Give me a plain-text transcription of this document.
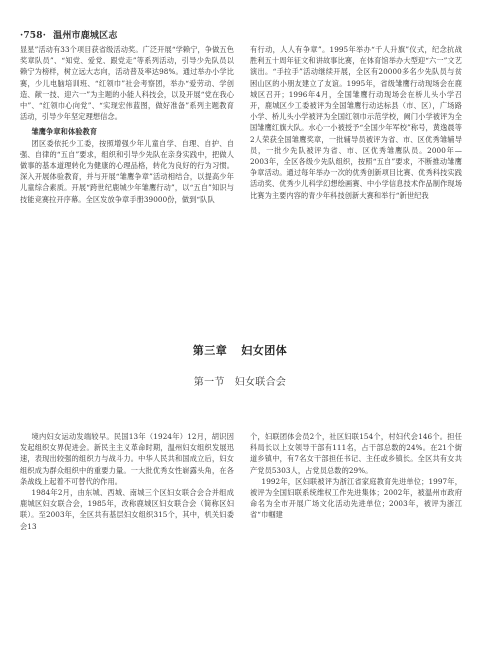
·758· 温州市鹿城区志

显星”活动有33个项目获省级活动奖。广泛开展“学赖宁，争做五色奖章队员”、“知党、爱党、跟党走”等系列活动，引导少先队员以赖宁为榜样，树立远大志向，活动普及率达98%。通过举办小学比赛，少儿电脑培训班、“红领巾”社会考察团，举办“爱劳动、学创造、献一技、迎六一”为主题的小能人科技会，以及开展“党在我心中”、“红领巾心向党”、“实现宏伟蓝图，做好准备”系列主题教育活动，引导少年坚定理想信念。

雏鹰争章和体验教育

团区委依托少工委，按照增强少年儿童自学、自理、自护、自强、自律的“五自”要求，组织和引导少先队在亲身实践中，把做人做事的基本道理转化为健康的心理品格，转化为良好的行为习惯。深入开展体验教育，并与开展“雏鹰争章”活动相结合，以提高少年儿童综合素质。开展“跨世纪鹿城少年雏鹰行动”，以“五自”知识与技能竞赛拉开序幕。全区发放争章手册39000份，做到“队队

有行动，人人有争章”。1995年举办“千人升旗”仪式，纪念抗战胜利五十周年征文和讲故事比赛，在体育馆举办大型迎“六一”文艺演出。“手拉手”活动继续开展，全区有20000多名少先队员与贫困山区的小朋友建立了友谊。1995年，省级雏鹰行动现场会在鹿城区召开；1996年4月，全国雏鹰行动现场会在桥儿头小学召开，鹿城区少工委被评为全国雏鹰行动达标县（市、区），广场路小学、桥儿头小学被评为全国红领巾示范学校，阙门小学被评为全国雏鹰红旗大队。水心一小被授予“全国少年军校”称号，黄逸晨等2人荣获全国雏鹰奖章，一批辅导员被评为省、市、区优秀雏辅导员，一批少先队被评为省、市、区优秀雏鹰队员。2000年—2003年，全区各级少先队组织，按照“五自”要求，不断推动雏鹰争章活动。通过每年举办一次的优秀创新项目比赛、优秀科技实践活动奖、优秀少儿科学幻想绘画赛、中小学信息技术作品制作现场比赛为主要内容的青少年科技创新大赛和举行“新世纪我

第三章 妇女团体
第一节 妇女联合会

境内妇女运动发端较早。民国13年（1924年）12月，胡识因发起组织女界促进会。新民主主义革命时期，温州妇女组织发展迅速，表现出较强的组织力与战斗力。中华人民共和国成立后，妇女组织成为群众组织中的重要力量。一大批优秀女性崭露头角，在各条战线上起着不可替代的作用。

1984年2月，由东城、西城、南城三个区妇女联合会合并组成鹿城区妇女联合会，1985年，改称鹿城区妇女联合会（简称区妇联）。至2003年，全区共有基层妇女组织315个，其中，机关妇委会13

个，妇联团体会员2个，社区妇联154个，村妇代会146个。担任科局长以上女领导干部有111名，占干部总数的24%。在21个街道乡镇中，有7名女干部担任书记、主任或乡镇长。全区共有女共产党员5303人，占党员总数的29%。

1992年，区妇联被评为浙江省家庭教育先进单位；1997年，被评为全国妇联系统维权工作先进集体；2002年，被温州市政府命名为全市开展广场文化活动先进单位；2003年，被评为浙江省“巾帼建
